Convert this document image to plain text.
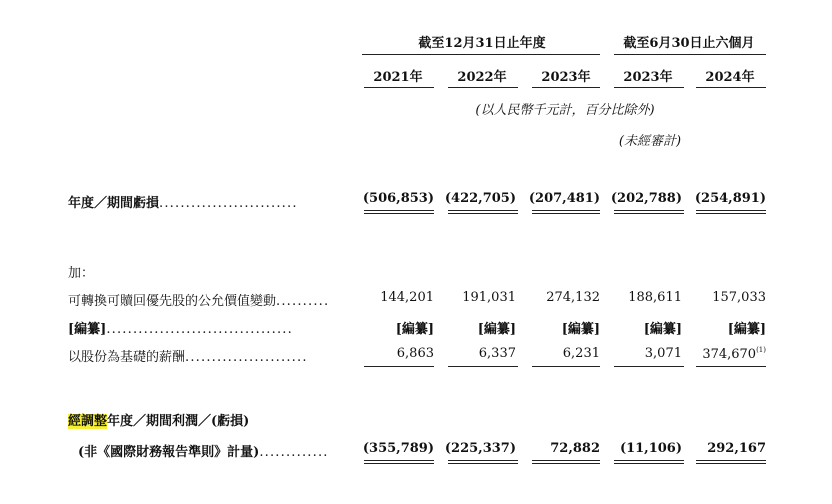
截至12月31日止年度	截至6月30日止六個月
2021年	2022年	2023年	2023年	2024年
(以人民幣千元計，百分比除外)
(未經審計)
年度／期間虧損..........................	(506,853) (422,705) (207,481) (202,788) (254,891)
加：
可轉換可贖回優先股的公允價值變動..........	144,201	191,031	274,132	188,611	157,033
[編纂]...................................	[編纂]	[編纂]	[編纂]	[編纂]	[編纂]
以股份為基礎的薪酬.......................	6,863	6,337	6,231	3,071	374,670$^{(1)}$
經調整年度／期間利潤／(虧損)
(非《國際財務報告準則》計量).............	(355,789) (225,337)	72,882	(11,106)	292,167
